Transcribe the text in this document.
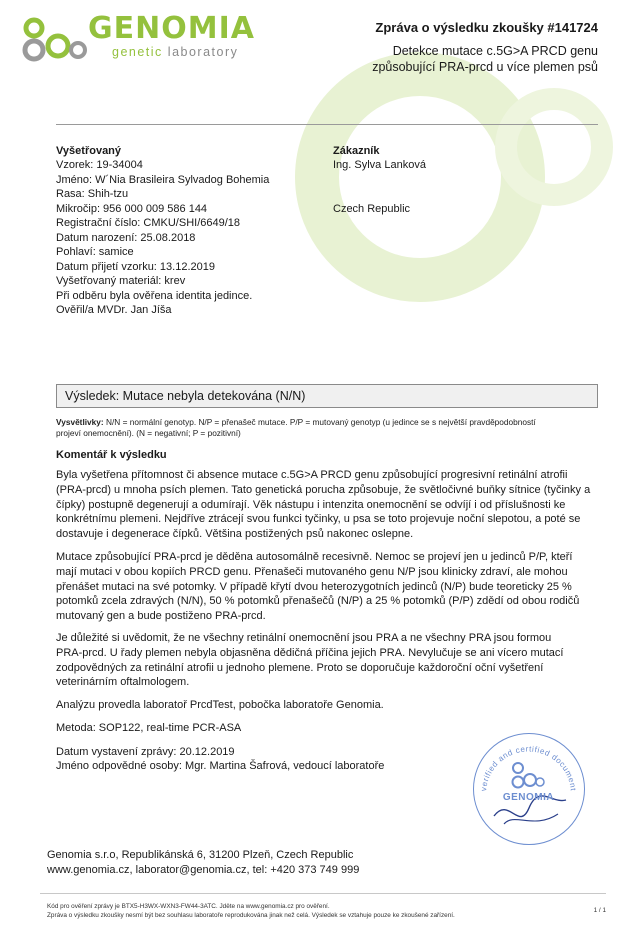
GENOMIA
genetic laboratory
Zpráva o výsledku zkoušky #141724
Detekce mutace c.5G>A PRCD genu
způsobující PRA-prcd u více plemen psů
Vyšetřovaný
Vzorek: 19-34004
Jméno: W´Nia Brasileira Sylvadog Bohemia
Rasa: Shih-tzu
Mikročip: 956 000 009 586 144
Registrační číslo: CMKU/SHI/6649/18
Datum narození: 25.08.2018
Pohlaví: samice
Datum přijetí vzorku: 13.12.2019
Vyšetřovaný materiál: krev
Při odběru byla ověřena identita jedince.
Ověřil/a MVDr. Jan Jíša
Zákazník
Ing. Sylva Lanková
Czech Republic
Výsledek: Mutace nebyla detekována (N/N)
Vysvětlivky: N/N = normální genotyp. N/P = přenašeč mutace. P/P = mutovaný genotyp (u jedince se s největší pravděpodobností
projeví onemocnění). (N = negativní; P = pozitivní)
Komentář k výsledku
Byla vyšetřena přítomnost či absence mutace c.5G>A PRCD genu způsobující progresivní retinální atrofii
(PRA-prcd) u mnoha psích plemen. Tato genetická porucha způsobuje, že světločivné buňky sítnice (tyčinky a
čípky) postupně degenerují a odumírají. Věk nástupu i intenzita onemocnění se odvíjí i od příslušnosti ke
konkrétnímu plemeni. Nejdříve ztrácejí svou funkci tyčinky, u psa se toto projevuje noční slepotou, a poté se
dostavuje i degenerace čípků. Většina postižených psů nakonec oslepne.
Mutace způsobující PRA-prcd je děděna autosomálně recesivně. Nemoc se projeví jen u jedinců P/P, kteří
mají mutaci v obou kopiích PRCD genu. Přenašeči mutovaného genu N/P jsou klinicky zdraví, ale mohou
přenášet mutaci na své potomky. V případě křytí dvou heterozygotních jedinců (N/P) bude teoreticky 25 %
potomků zcela zdravých (N/N), 50 % potomků přenašečů (N/P) a 25 % potomků (P/P) zdědí od obou rodičů
mutovaný gen a bude postiženo PRA-prcd.
Je důležité si uvědomit, že ne všechny retinální onemocnění jsou PRA a ne všechny PRA jsou formou
PRA-prcd. U řady plemen nebyla objasněna dědičná příčina jejich PRA. Nevylučuje se ani vícero mutací
zodpovědných za retinální atrofii u jednoho plemene. Proto se doporučuje každoroční oční vyšetření
veterinárním oftalmologem.
Analýzu provedla laboratoř PrcdTest, pobočka laboratoře Genomia.
Metoda: SOP122, real-time PCR-ASA
Datum vystavení zprávy: 20.12.2019
Jméno odpovědné osoby: Mgr. Martina Šafrová, vedoucí laboratoře
verified and certified document
GENOMIA
Genomia s.r.o, Republikánská 6, 31200 Plzeň, Czech Republic
www.genomia.cz, laborator@genomia.cz, tel: +420 373 749 999
Kód pro ověření zprávy je BTX5-H3WX-WXN3-FW44-3ATC. Jděte na www.genomia.cz pro ověření.
Zpráva o výsledku zkoušky nesmí být bez souhlasu laboratoře reprodukována jinak než celá. Výsledek se vztahuje pouze ke zkoušené zařízení.
1 / 1
